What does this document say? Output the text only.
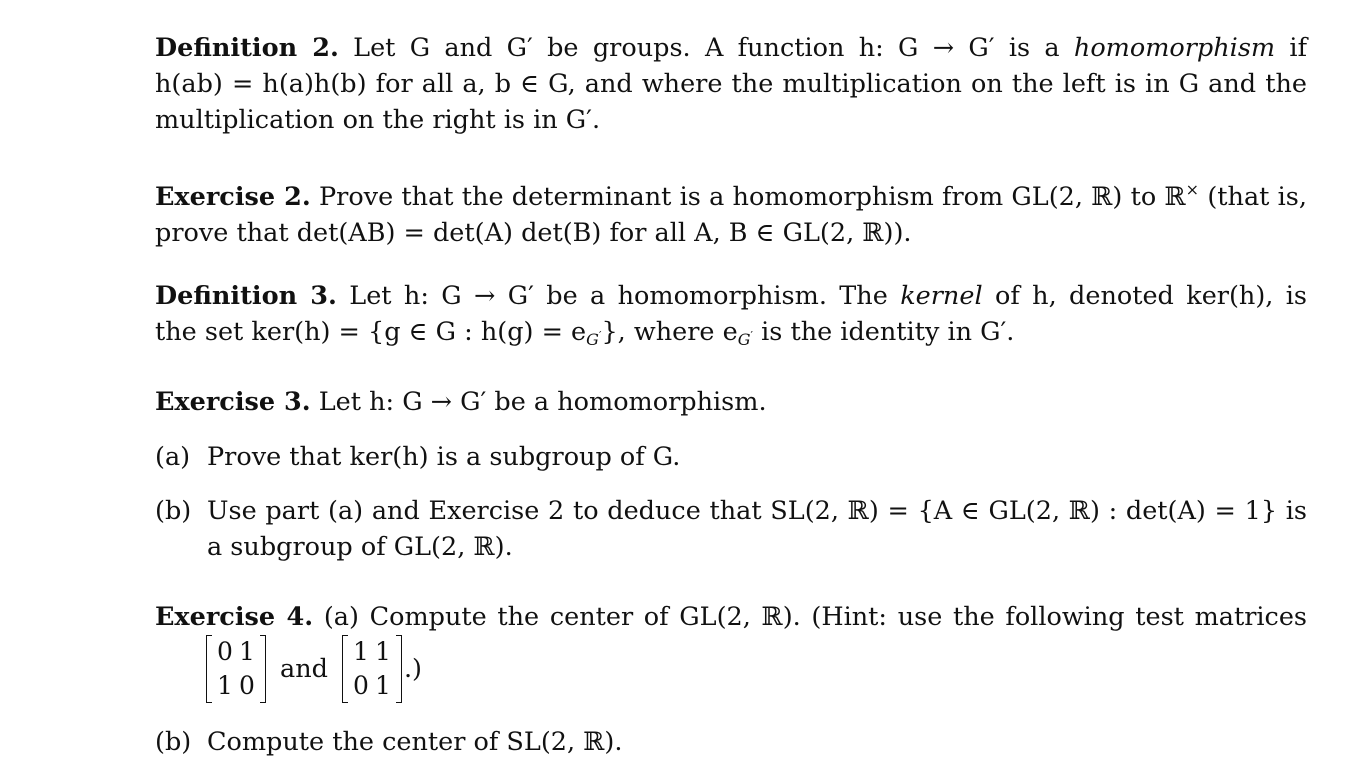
Definition 2. Let G and G′ be groups. A function h: G → G′ is a homomorphism if
h(ab) = h(a)h(b) for all a, b ∈ G, and where the multiplication on the left is in G and the
multiplication on the right is in G′.
Exercise 2. Prove that the determinant is a homomorphism from GL(2, ℝ) to ℝ× (that is,
prove that det(AB) = det(A) det(B) for all A, B ∈ GL(2, ℝ)).
Definition 3. Let h: G → G′ be a homomorphism. The kernel of h, denoted ker(h), is
the set ker(h) = {g ∈ G : $h(g) = e_{G'}$}, where $e_{G'}$ is the identity in G′.
Exercise 3. Let h: G → G′ be a homomorphism.
(a) Prove that ker(h) is a subgroup of G.
(b) Use part (a) and Exercise 2 to deduce that SL(2, ℝ) = {A ∈ GL(2, ℝ) : det(A) = 1} is
a subgroup of GL(2, ℝ).
Exercise 4. (a) Compute the center of GL(2, ℝ). (Hint: use the following test matrices
0 1
1 0
and
1 1
0 1
.)
(b) Compute the center of SL(2, ℝ).
